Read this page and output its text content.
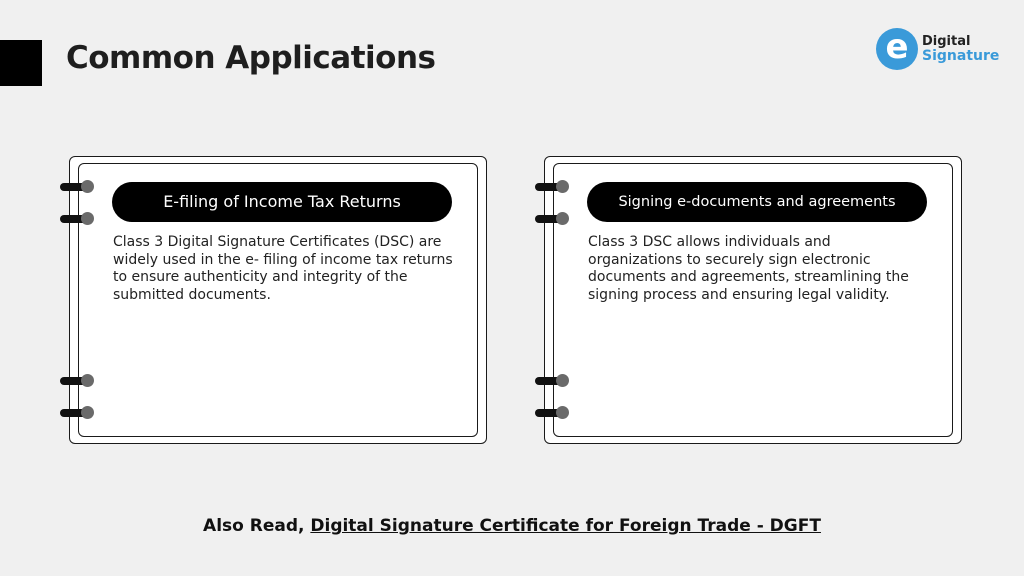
Common Applications	e	Digital
Signature
E-filing of Income Tax Returns

Class 3 Digital Signature Certificates (DSC) are widely used in the e- filing of income tax returns to ensure authenticity and integrity of the submitted documents.

Signing e-documents and agreements

Class 3 DSC allows individuals and organizations to securely sign electronic documents and agreements, streamlining the signing process and ensuring legal validity.

Also Read, Digital Signature Certificate for Foreign Trade - DGFT
